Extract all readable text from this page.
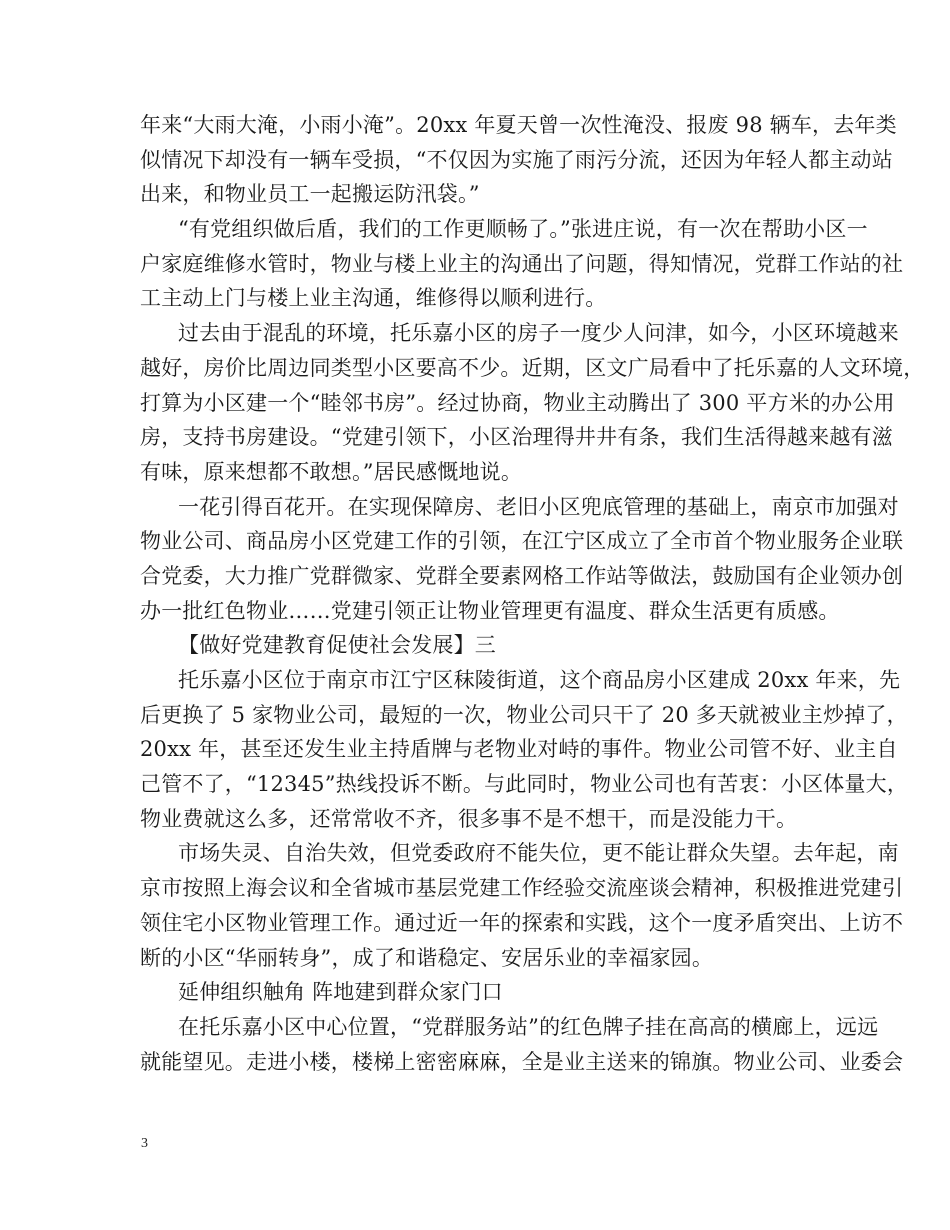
年来“大雨大淹，小雨小淹”。20xx 年夏天曾一次性淹没、报废 98 辆车，去年类
似情况下却没有一辆车受损，“不仅因为实施了雨污分流，还因为年轻人都主动站
出来，和物业员工一起搬运防汛袋。”
“有党组织做后盾，我们的工作更顺畅了。”张进庄说，有一次在帮助小区一
户家庭维修水管时，物业与楼上业主的沟通出了问题，得知情况，党群工作站的社
工主动上门与楼上业主沟通，维修得以顺利进行。
过去由于混乱的环境，托乐嘉小区的房子一度少人问津，如今，小区环境越来
越好，房价比周边同类型小区要高不少。近期，区文广局看中了托乐嘉的人文环境，
打算为小区建一个“睦邻书房”。经过协商，物业主动腾出了 300 平方米的办公用
房，支持书房建设。“党建引领下，小区治理得井井有条，我们生活得越来越有滋
有味，原来想都不敢想。”居民感慨地说。
一花引得百花开。在实现保障房、老旧小区兜底管理的基础上，南京市加强对
物业公司、商品房小区党建工作的引领，在江宁区成立了全市首个物业服务企业联
合党委，大力推广党群微家、党群全要素网格工作站等做法，鼓励国有企业领办创
办一批红色物业……党建引领正让物业管理更有温度、群众生活更有质感。
【做好党建教育促使社会发展】三
托乐嘉小区位于南京市江宁区秣陵街道，这个商品房小区建成 20xx 年来，先
后更换了 5 家物业公司，最短的一次，物业公司只干了 20 多天就被业主炒掉了，
20xx 年，甚至还发生业主持盾牌与老物业对峙的事件。物业公司管不好、业主自
己管不了，“12345”热线投诉不断。与此同时，物业公司也有苦衷：小区体量大，
物业费就这么多，还常常收不齐，很多事不是不想干，而是没能力干。
市场失灵、自治失效，但党委政府不能失位，更不能让群众失望。去年起，南
京市按照上海会议和全省城市基层党建工作经验交流座谈会精神，积极推进党建引
领住宅小区物业管理工作。通过近一年的探索和实践，这个一度矛盾突出、上访不
断的小区“华丽转身”，成了和谐稳定、安居乐业的幸福家园。
延伸组织触角 阵地建到群众家门口
在托乐嘉小区中心位置，“党群服务站”的红色牌子挂在高高的横廊上，远远
就能望见。走进小楼，楼梯上密密麻麻，全是业主送来的锦旗。物业公司、业委会
3
